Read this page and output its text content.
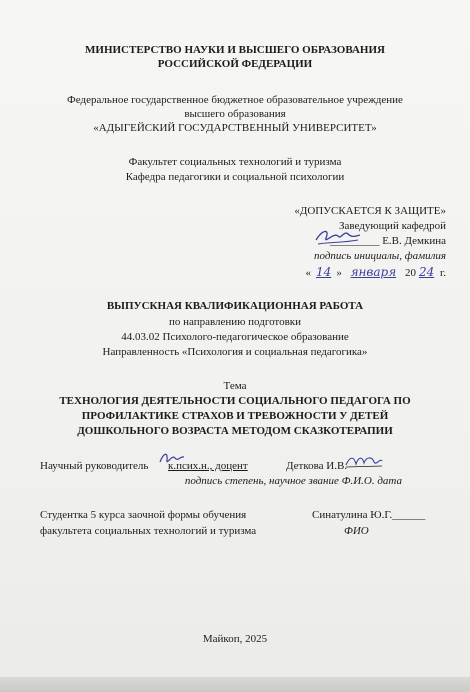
МИНИСТЕРСТВО НАУКИ И ВЫСШЕГО ОБРАЗОВАНИЯ
РОССИЙСКОЙ ФЕДЕРАЦИИ
Федеральное государственное бюджетное образовательное учреждение
высшего образования
«АДЫГЕЙСКИЙ ГОСУДАРСТВЕННЫЙ УНИВЕРСИТЕТ»
Факультет социальных технологий и туризма
Кафедра педагогики и социальной психологии
«ДОПУСКАЕТСЯ К ЗАЩИТЕ»
Заведующий кафедрой
_________ Е.В. Демкина
подпись инициалы, фамилия
« 14 » января 20 24 г.
ВЫПУСКНАЯ КВАЛИФИКАЦИОННАЯ РАБОТА
по направлению подготовки
44.03.02 Психолого-педагогическое образование
Направленность «Психология и социальная педагогика»
Тема
ТЕХНОЛОГИЯ ДЕЯТЕЛЬНОСТИ СОЦИАЛЬНОГО ПЕДАГОГА ПО
ПРОФИЛАКТИКЕ СТРАХОВ И ТРЕВОЖНОСТИ У ДЕТЕЙ
ДОШКОЛЬНОГО ВОЗРАСТА МЕТОДОМ СКАЗКОТЕРАПИИ
Научный руководитель к.псих.н., доцент	Деткова И.В.
подпись степень, научное звание Ф.И.О. дата
Студентка 5 курса заочной формы обучения
факультета социальных технологий и туризма
Синатулина Ю.Г.______
ФИО
Майкоп, 2025
